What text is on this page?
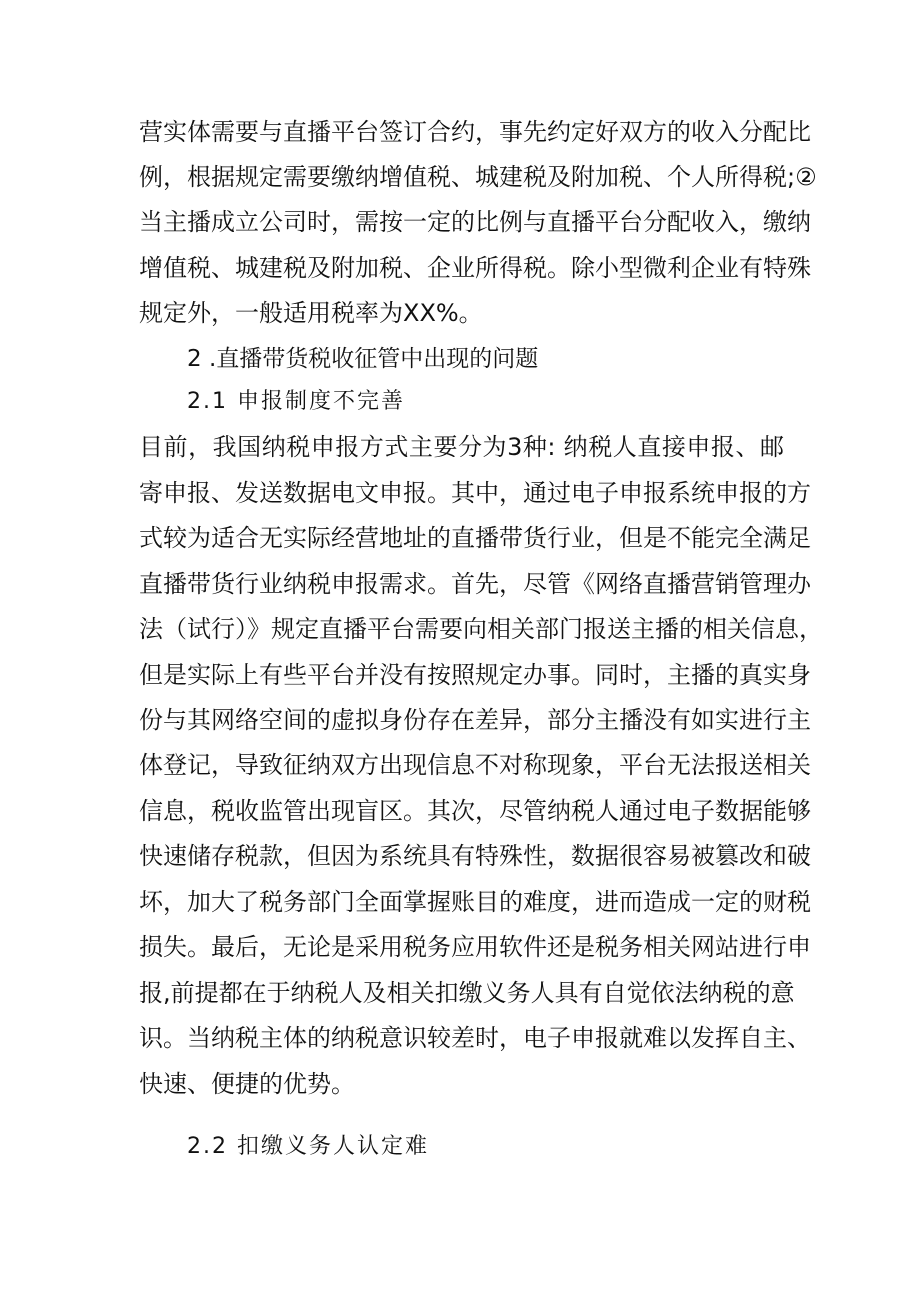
营实体需要与直播平台签订合约，事先约定好双方的收入分配比
例，根据规定需要缴纳增值税、城建税及附加税、个人所得税;②
当主播成立公司时，需按一定的比例与直播平台分配收入，缴纳
增值税、城建税及附加税、企业所得税。除小型微利企业有特殊
规定外，一般适用税率为XX%。
2 .直播带货税收征管中出现的问题
2.1 申报制度不完善
目前，我国纳税申报方式主要分为3种: 纳税人直接申报、邮
寄申报、发送数据电文申报。其中，通过电子申报系统申报的方
式较为适合无实际经营地址的直播带货行业，但是不能完全满足
直播带货行业纳税申报需求。首先，尽管《网络直播营销管理办
法（试行）》规定直播平台需要向相关部门报送主播的相关信息，
但是实际上有些平台并没有按照规定办事。同时，主播的真实身
份与其网络空间的虚拟身份存在差异，部分主播没有如实进行主
体登记，导致征纳双方出现信息不对称现象，平台无法报送相关
信息，税收监管出现盲区。其次，尽管纳税人通过电子数据能够
快速储存税款，但因为系统具有特殊性，数据很容易被篡改和破
坏，加大了税务部门全面掌握账目的难度，进而造成一定的财税
损失。最后，无论是采用税务应用软件还是税务相关网站进行申
报,前提都在于纳税人及相关扣缴义务人具有自觉依法纳税的意
识。当纳税主体的纳税意识较差时，电子申报就难以发挥自主、
快速、便捷的优势。
2.2 扣缴义务人认定难
